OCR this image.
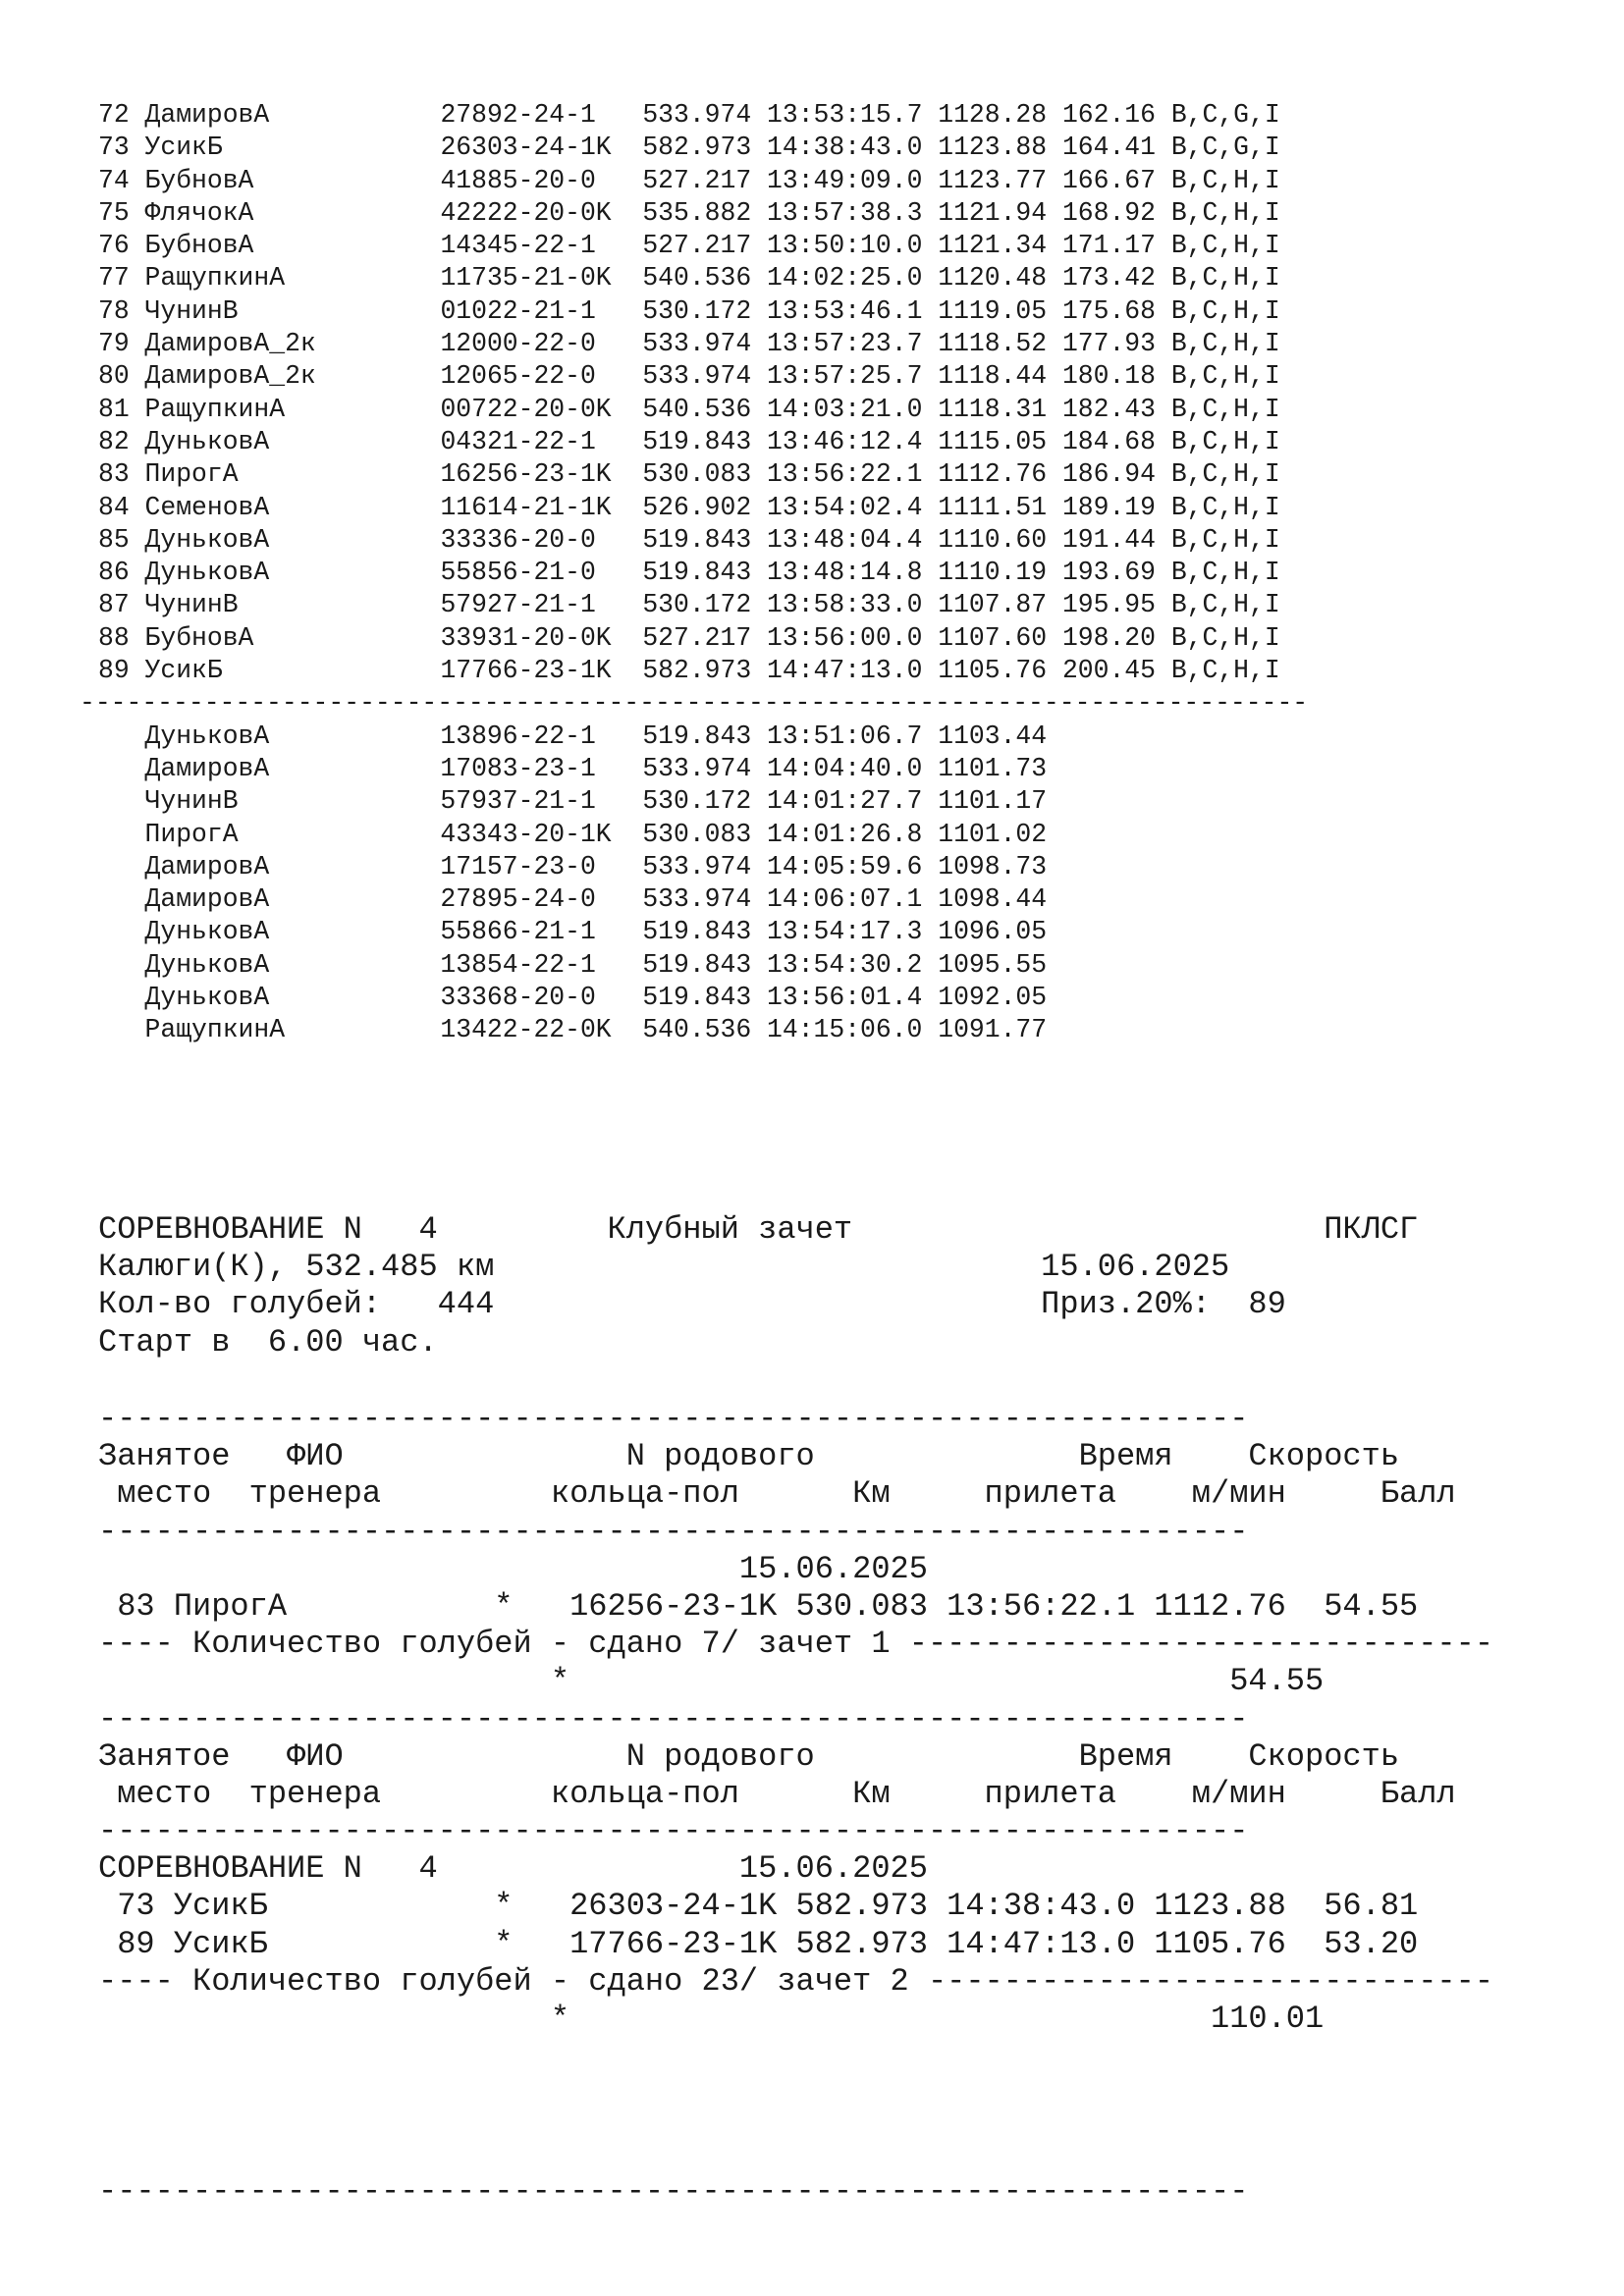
72 ДамировА           27892-24-1   533.974 13:53:15.7 1128.28 162.16 B,C,G,I
73 УсикБ              26303-24-1K  582.973 14:38:43.0 1123.88 164.41 B,C,G,I
74 БубновА            41885-20-0   527.217 13:49:09.0 1123.77 166.67 B,C,H,I
75 ФлячокА            42222-20-0K  535.882 13:57:38.3 1121.94 168.92 B,C,H,I
76 БубновА            14345-22-1   527.217 13:50:10.0 1121.34 171.17 B,C,H,I
77 РащупкинА          11735-21-0K  540.536 14:02:25.0 1120.48 173.42 B,C,H,I
78 ЧунинВ             01022-21-1   530.172 13:53:46.1 1119.05 175.68 B,C,H,I
79 ДамировА_2к        12000-22-0   533.974 13:57:23.7 1118.52 177.93 B,C,H,I
80 ДамировА_2к        12065-22-0   533.974 13:57:25.7 1118.44 180.18 B,C,H,I
81 РащупкинА          00722-20-0K  540.536 14:03:21.0 1118.31 182.43 B,C,H,I
82 ДуньковА           04321-22-1   519.843 13:46:12.4 1115.05 184.68 B,C,H,I
83 ПирогА             16256-23-1K  530.083 13:56:22.1 1112.76 186.94 B,C,H,I
84 СеменовА           11614-21-1K  526.902 13:54:02.4 1111.51 189.19 B,C,H,I
85 ДуньковА           33336-20-0   519.843 13:48:04.4 1110.60 191.44 B,C,H,I
86 ДуньковА           55856-21-0   519.843 13:48:14.8 1110.19 193.69 B,C,H,I
87 ЧунинВ             57927-21-1   530.172 13:58:33.0 1107.87 195.95 B,C,H,I
88 БубновА            33931-20-0K  527.217 13:56:00.0 1107.60 198.20 B,C,H,I
89 УсикБ              17766-23-1K  582.973 14:47:13.0 1105.76 200.45 B,C,H,I
-------------------------------------------------------------------------------
ДуньковА           13896-22-1   519.843 13:51:06.7 1103.44
ДамировА           17083-23-1   533.974 14:04:40.0 1101.73
ЧунинВ             57937-21-1   530.172 14:01:27.7 1101.17
ПирогА             43343-20-1K  530.083 14:01:26.8 1101.02
ДамировА           17157-23-0   533.974 14:05:59.6 1098.73
ДамировА           27895-24-0   533.974 14:06:07.1 1098.44
ДуньковА           55866-21-1   519.843 13:54:17.3 1096.05
ДуньковА           13854-22-1   519.843 13:54:30.2 1095.55
ДуньковА           33368-20-0   519.843 13:56:01.4 1092.05
РащупкинА          13422-22-0K  540.536 14:15:06.0 1091.77
СОРЕВНОВАНИЕ N   4	Клубный зачет	ПКЛСГ
Калюги(К), 532.485 км                             15.06.2025
Кол-во голубей: 444	Приз.20%: 89
Старт в  6.00 час.
-------------------------------------------------------------
Занятое ФИО	N родового	Время Скорость
место тренера	кольца-пол	Км	прилета м/мин	Балл
-------------------------------------------------------------
15.06.2025
83 ПирогА           * 16256-23-1K 530.083 13:56:22.1 1112.76 54.55
---- Количество голубей - сдано 7/ зачет 1 -------------------------------
*	54.55
-------------------------------------------------------------
Занятое ФИО	N родового	Время Скорость
место тренера	кольца-пол	Км	прилета м/мин	Балл
-------------------------------------------------------------
СОРЕВНОВАНИЕ N   4                15.06.2025
73 УсикБ            * 26303-24-1K 582.973 14:38:43.0 1123.88 56.81
89 УсикБ            * 17766-23-1K 582.973 14:47:13.0 1105.76 53.20
---- Количество голубей - сдано 23/ зачет 2 ------------------------------
*	110.01
-------------------------------------------------------------
